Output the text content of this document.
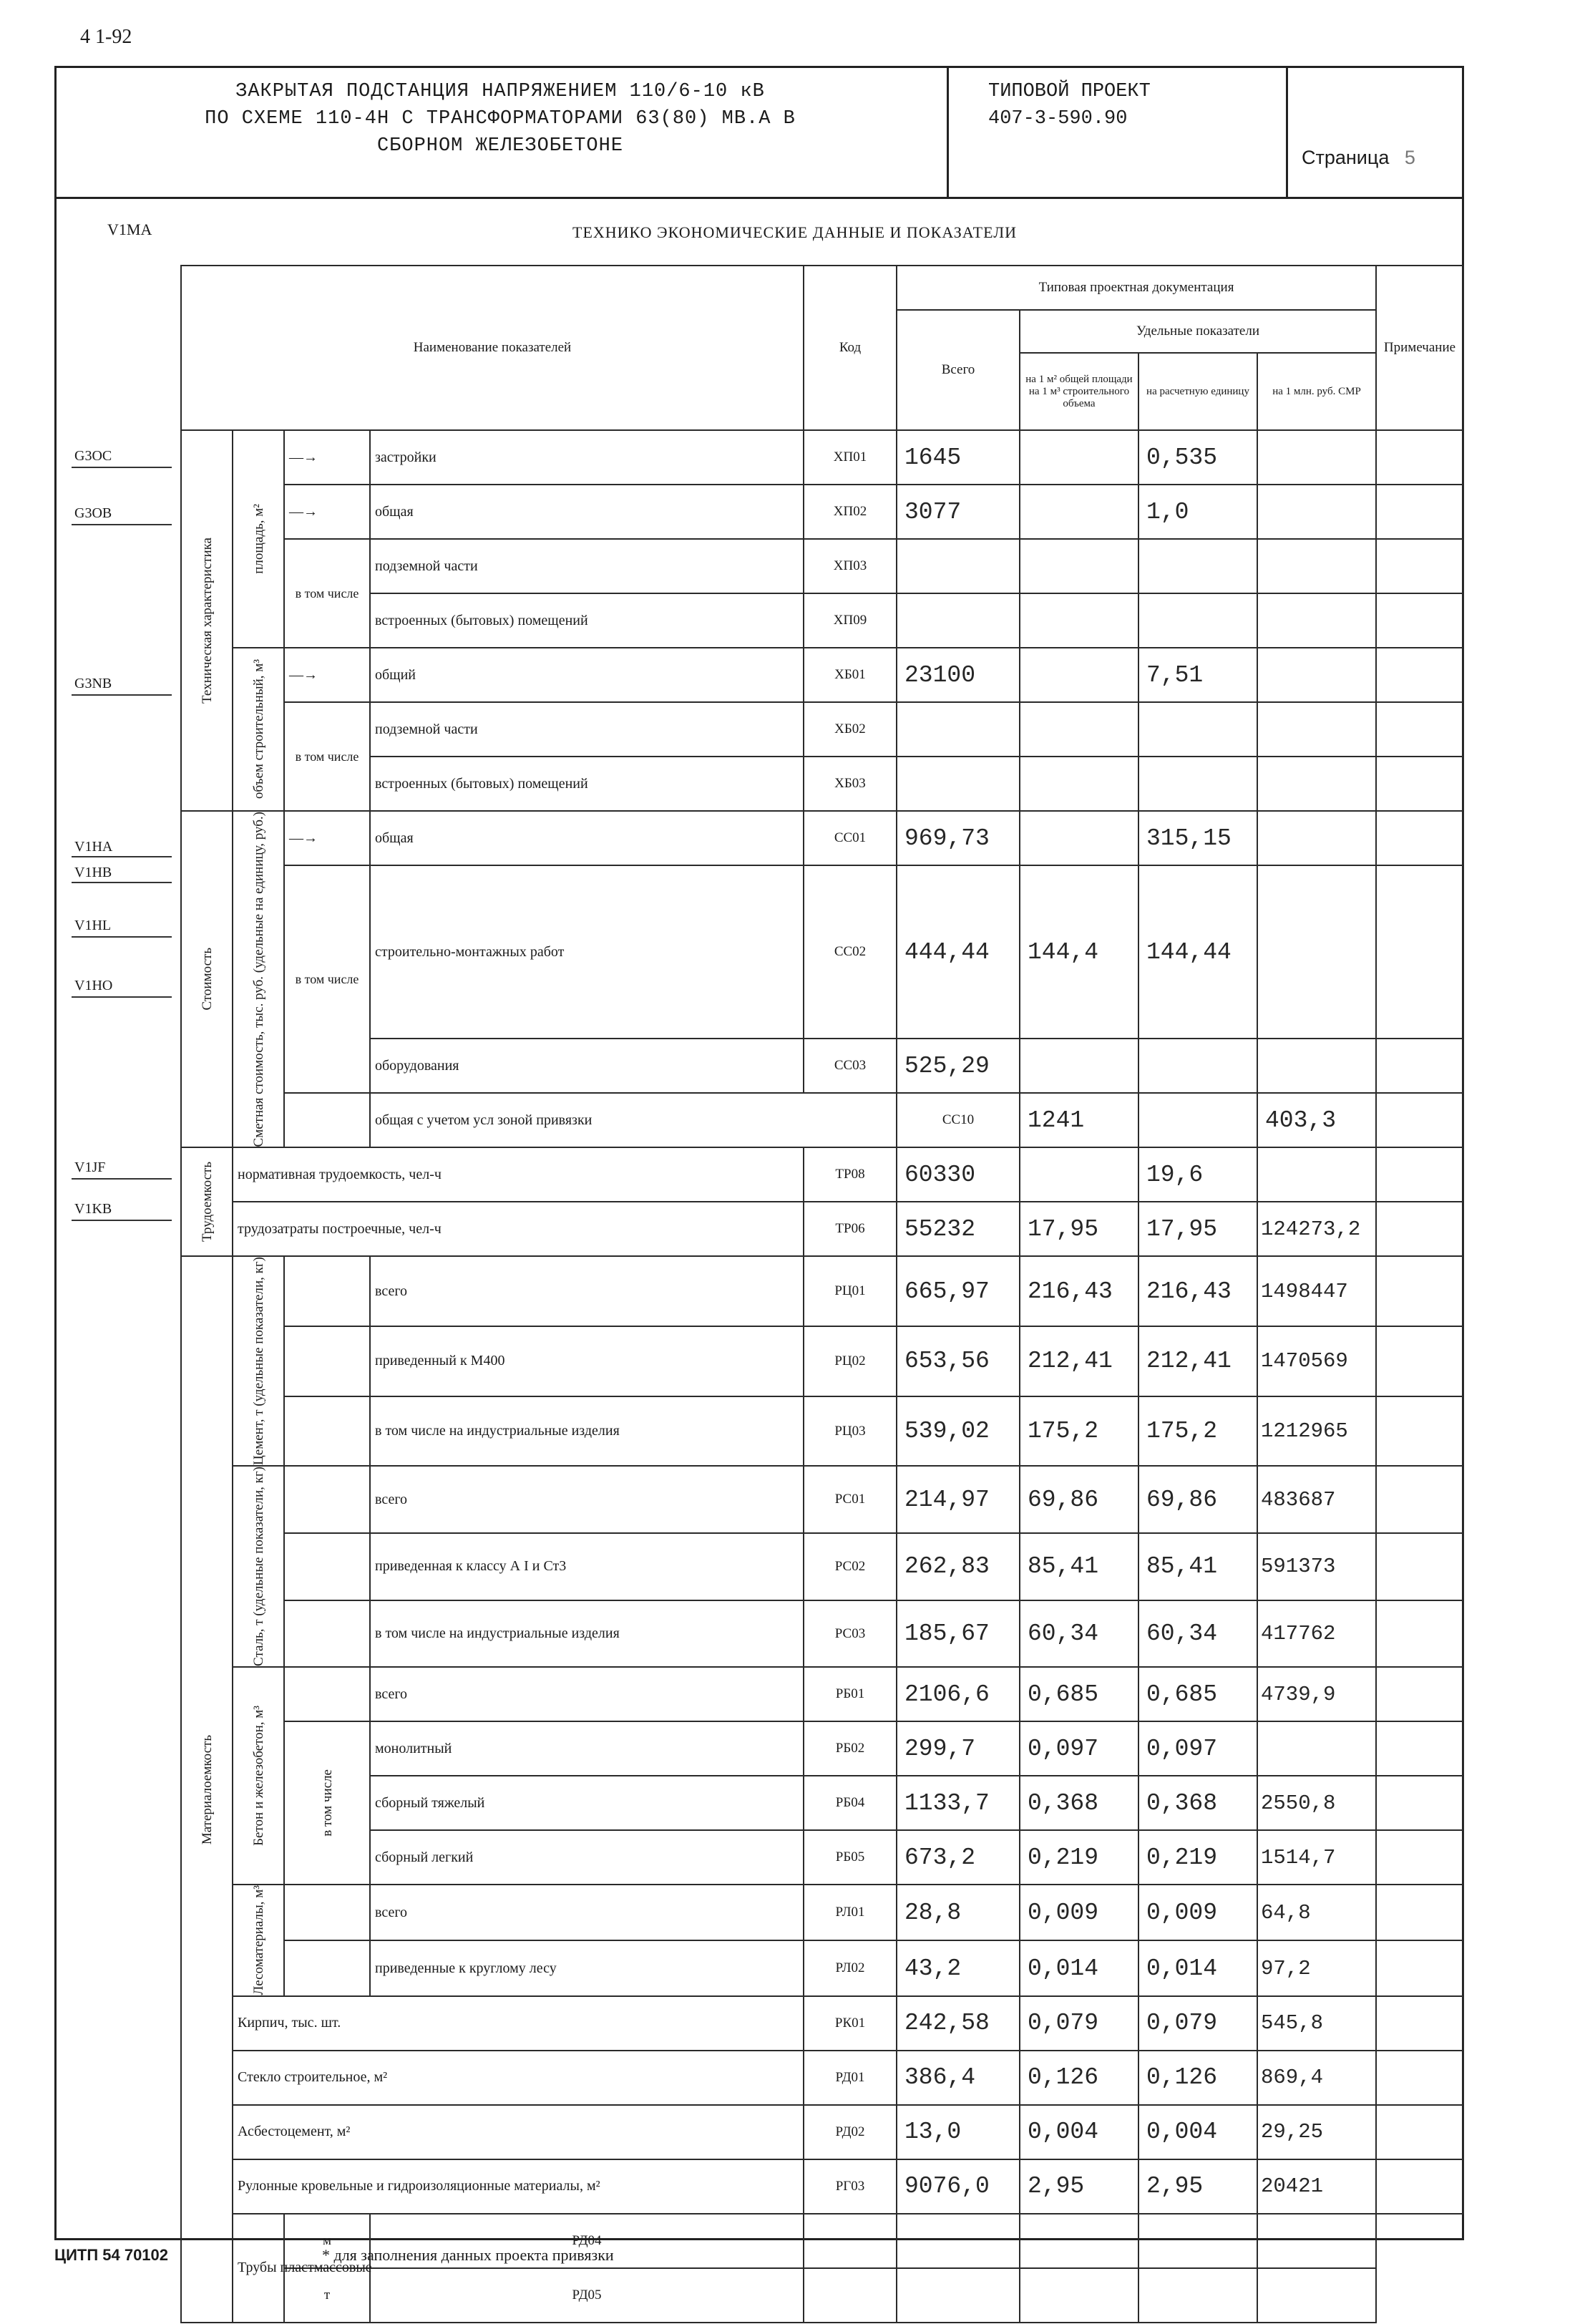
4 1-92
ЗАКРЫТАЯ ПОДСТАНЦИЯ НАПРЯЖЕНИЕМ 110/6-10 кВ
ПО СХЕМЕ 110-4Н С ТРАНСФОРМАТОРАМИ 63(80) МВ.А В
СБОРНОМ ЖЕЛЕЗОБЕТОНЕ
ТИПОВОЙ ПРОЕКТ
407-3-590.90
Страница 5
V1MA	ТЕХНИКО ЭКОНОМИЧЕСКИЕ ДАННЫЕ И ПОКАЗАТЕЛИ
G3OC
G3OB
G3NB
V1HA
V1HB
V1HL
V1HO
V1JF
V1KB
Наименование показателей				Код	Типовая проектная документация				Примечание	
					Всего	Удельные показатели				
						на 1 м² общей площади на 1 м³ строительного объема	на расчетную единицу	на 1 млн. руб. СМР		

Техническая характеристика	площадь, м²	—→	застройки	ХП01	1645		0,535			
		—→	общая	ХП02	3077		1,0			
		в том числе	подземной части	ХП03						
			встроенных (бытовых) помещений	ХП09						

	объем строительный, м³	—→	общий	ХБ01	23100		7,51			
		в том числе	подземной части	ХБ02						
			встроенных (бытовых) помещений	ХБ03						

Стоимость	Сметная стоимость, тыс. руб. (удельные на единицу, руб.)	—→	общая	СС01	969,73		315,15			
		в том числе	строительно-монтажных работ	СС02	444,44	144,4	144,44			
			оборудования	СС03	525,29					
			общая с учетом усл зоной привязки		СС10	1241		403,3		

Трудоемкость	нормативная трудоемкость, чел-ч			ТР08	60330		19,6			
	трудозатраты построечные, чел-ч			ТР06	55232	17,95	17,95	124273,2		

Материалоемкость	Цемент, т (удельные показатели, кг)		всего	РЦ01	665,97	216,43	216,43	1498447		
			приведенный к М400	РЦ02	653,56	212,41	212,41	1470569		
			в том числе на индустриальные изделия	РЦ03	539,02	175,2	175,2	1212965		

	Сталь, т (удельные показатели, кг)		всего	РС01	214,97	69,86	69,86	483687		
			приведенная к классу А I и Ст3	РС02	262,83	85,41	85,41	591373		
			в том числе на индустриальные изделия	РС03	185,67	60,34	60,34	417762		

	Бетон и железобетон, м³		всего	РБ01	2106,6	0,685	0,685	4739,9		

		в том числе	монолитный	РБ02	299,7	0,097	0,097			
			сборный тяжелый	РБ04	1133,7	0,368	0,368	2550,8		
			сборный легкий	РБ05	673,2	0,219	0,219	1514,7		

	Лесоматериалы, м³		всего	РЛ01	28,8	0,009	0,009	64,8		
			приведенные к круглому лесу	РЛ02	43,2	0,014	0,014	97,2		
	Кирпич, тыс. шт.			РК01	242,58	0,079	0,079	545,8		
	Стекло строительное, м²			РД01	386,4	0,126	0,126	869,4		
	Асбестоцемент, м²			РД02	13,0	0,004	0,004	29,25		
	Рулонные кровельные и гидроизоляционные материалы, м²			РГ03	9076,0	2,95	2,95	20421		
	Трубы пластмассовые	м	РД04							
		т	РД05							
ЦИТП 54 70102	* для заполнения данных проекта привязки
